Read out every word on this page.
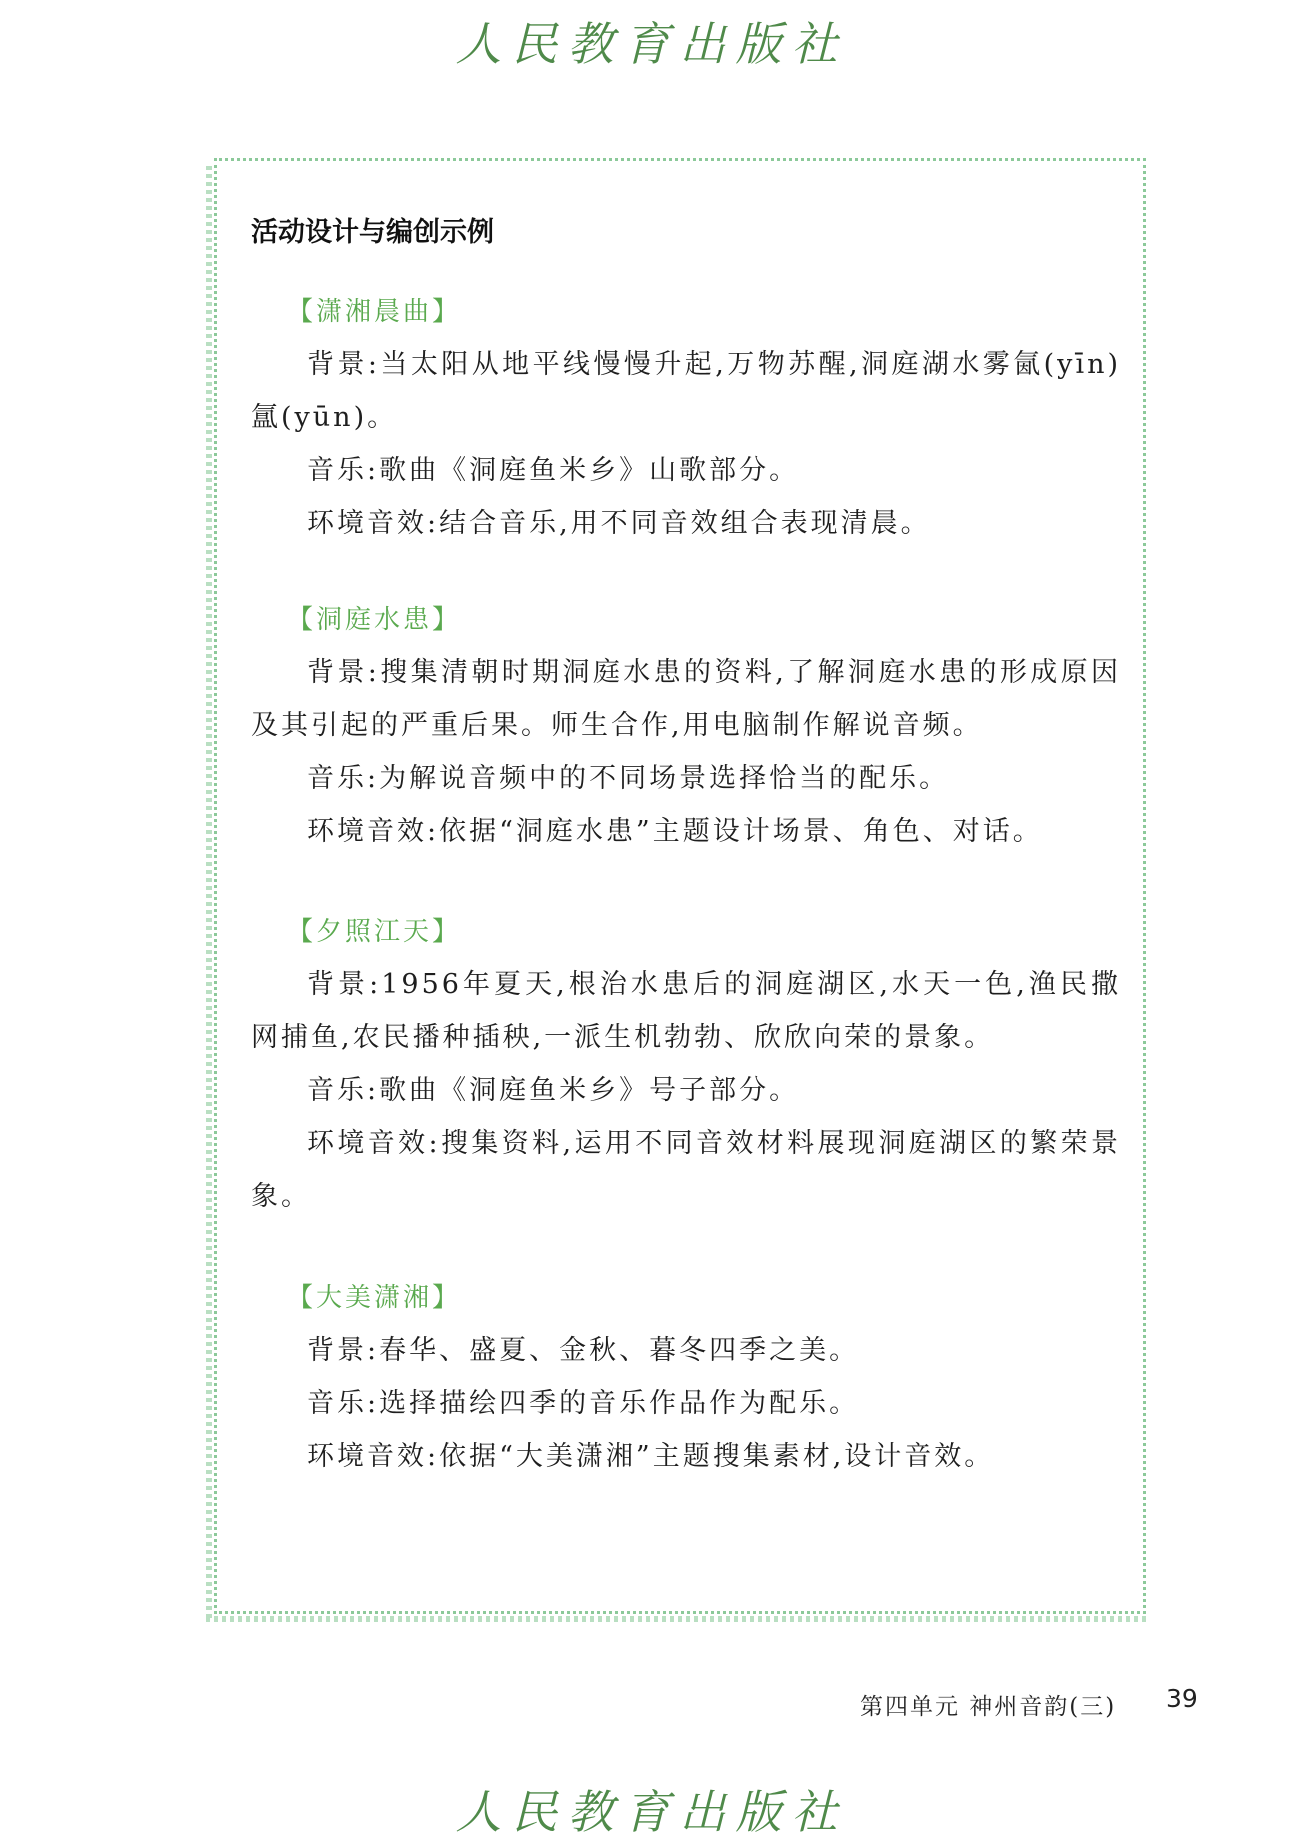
人民教育出版社
活动设计与编创示例
【潇湘晨曲】

背景:当太阳从地平线慢慢升起,万物苏醒,洞庭湖水雾氤(yīn)氲(yūn)。

音乐:歌曲《洞庭鱼米乡》山歌部分。

环境音效:结合音乐,用不同音效组合表现清晨。

【洞庭水患】

背景:搜集清朝时期洞庭水患的资料,了解洞庭水患的形成原因及其引起的严重后果。师生合作,用电脑制作解说音频。

音乐:为解说音频中的不同场景选择恰当的配乐。

环境音效:依据“洞庭水患”主题设计场景、角色、对话。

【夕照江天】

背景:1956年夏天,根治水患后的洞庭湖区,水天一色,渔民撒网捕鱼,农民播种插秧,一派生机勃勃、欣欣向荣的景象。

音乐:歌曲《洞庭鱼米乡》号子部分。

环境音效:搜集资料,运用不同音效材料展现洞庭湖区的繁荣景象。

【大美潇湘】

背景:春华、盛夏、金秋、暮冬四季之美。

音乐:选择描绘四季的音乐作品作为配乐。

环境音效:依据“大美潇湘”主题搜集素材,设计音效。

第四单元 神州音韵(三) 39
人民教育出版社
